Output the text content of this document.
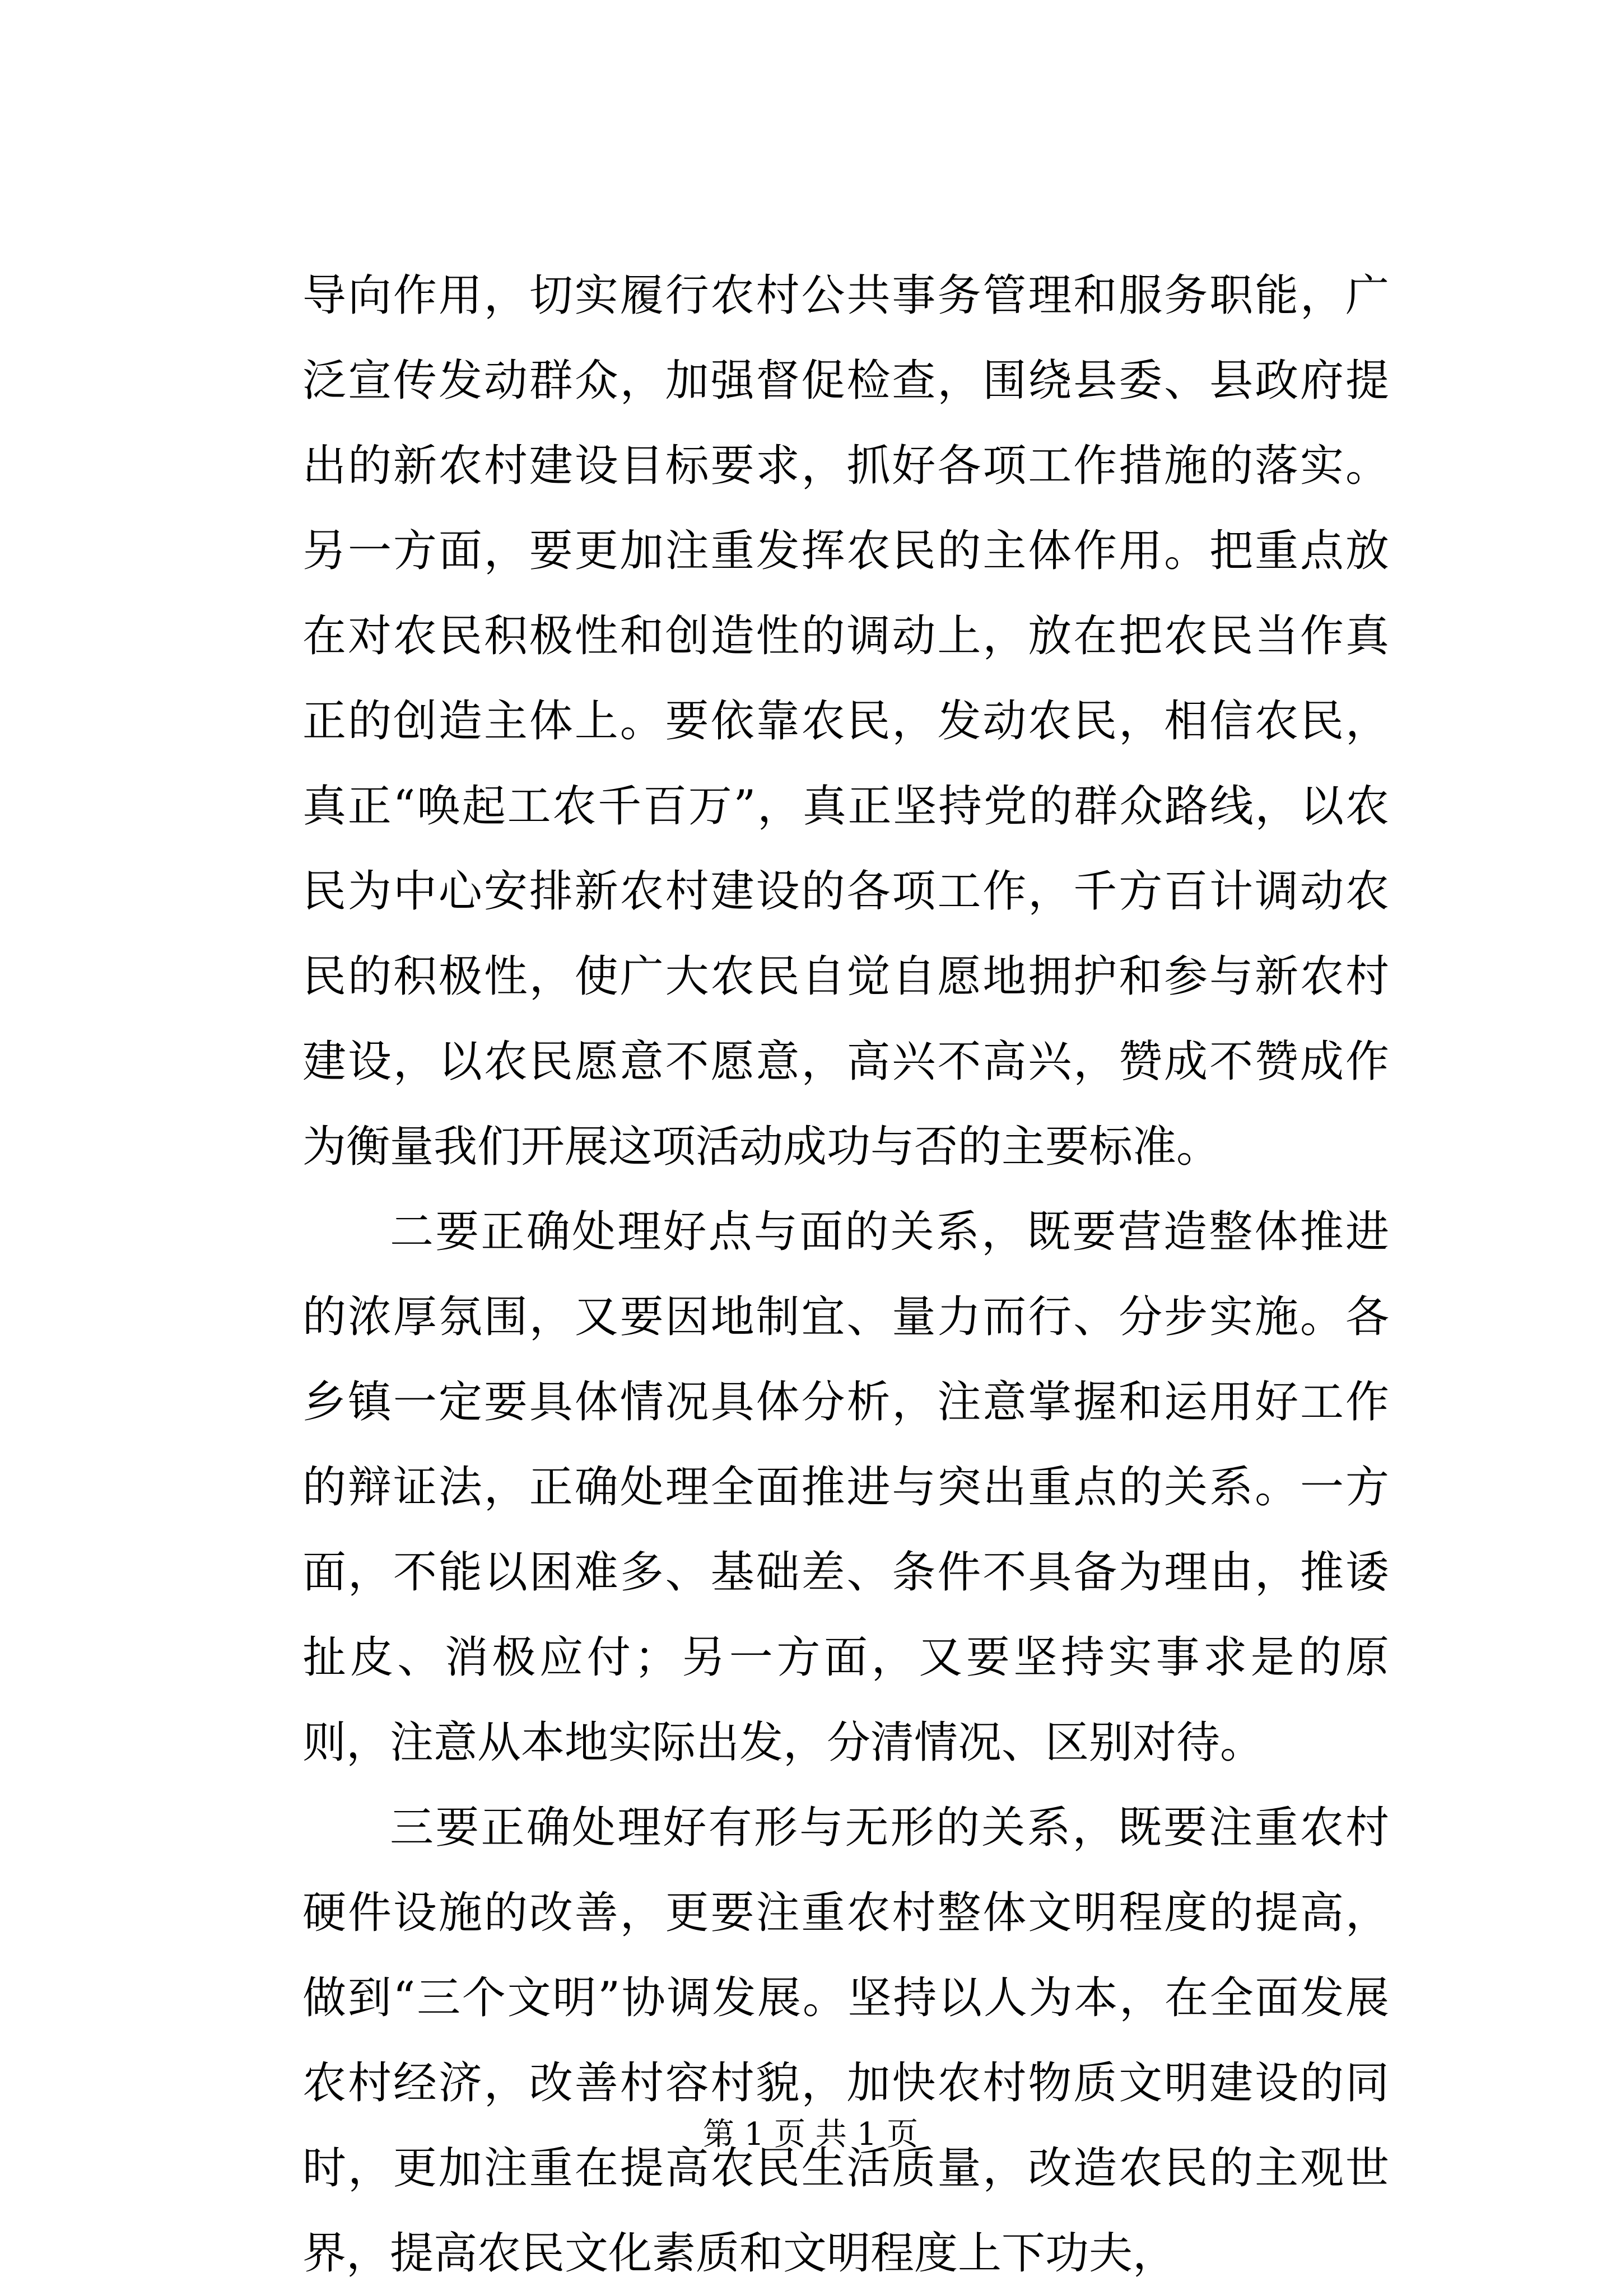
导向作用，切实履行农村公共事务管理和服务职能，广泛宣传发动群众，加强督促检查，围绕县委、县政府提出的新农村建设目标要求，抓好各项工作措施的落实。另一方面，要更加注重发挥农民的主体作用。把重点放在对农民积极性和创造性的调动上，放在把农民当作真正的创造主体上。要依靠农民，发动农民，相信农民，真正“唤起工农千百万”，真正坚持党的群众路线，以农民为中心安排新农村建设的各项工作，千方百计调动农民的积极性，使广大农民自觉自愿地拥护和参与新农村建设，以农民愿意不愿意，高兴不高兴，赞成不赞成作为衡量我们开展这项活动成功与否的主要标准。

二要正确处理好点与面的关系，既要营造整体推进的浓厚氛围，又要因地制宜、量力而行、分步实施。各乡镇一定要具体情况具体分析，注意掌握和运用好工作的辩证法，正确处理全面推进与突出重点的关系。一方面，不能以困难多、基础差、条件不具备为理由，推诿扯皮、消极应付；另一方面，又要坚持实事求是的原则，注意从本地实际出发，分清情况、区别对待。

三要正确处理好有形与无形的关系，既要注重农村硬件设施的改善，更要注重农村整体文明程度的提高，做到“三个文明”协调发展。坚持以人为本，在全面发展农村经济，改善村容村貌，加快农村物质文明建设的同时，更加注重在提高农民生活质量，改造农民的主观世界，提高农民文化素质和文明程度上下功夫，

第 1 页 共 1 页
